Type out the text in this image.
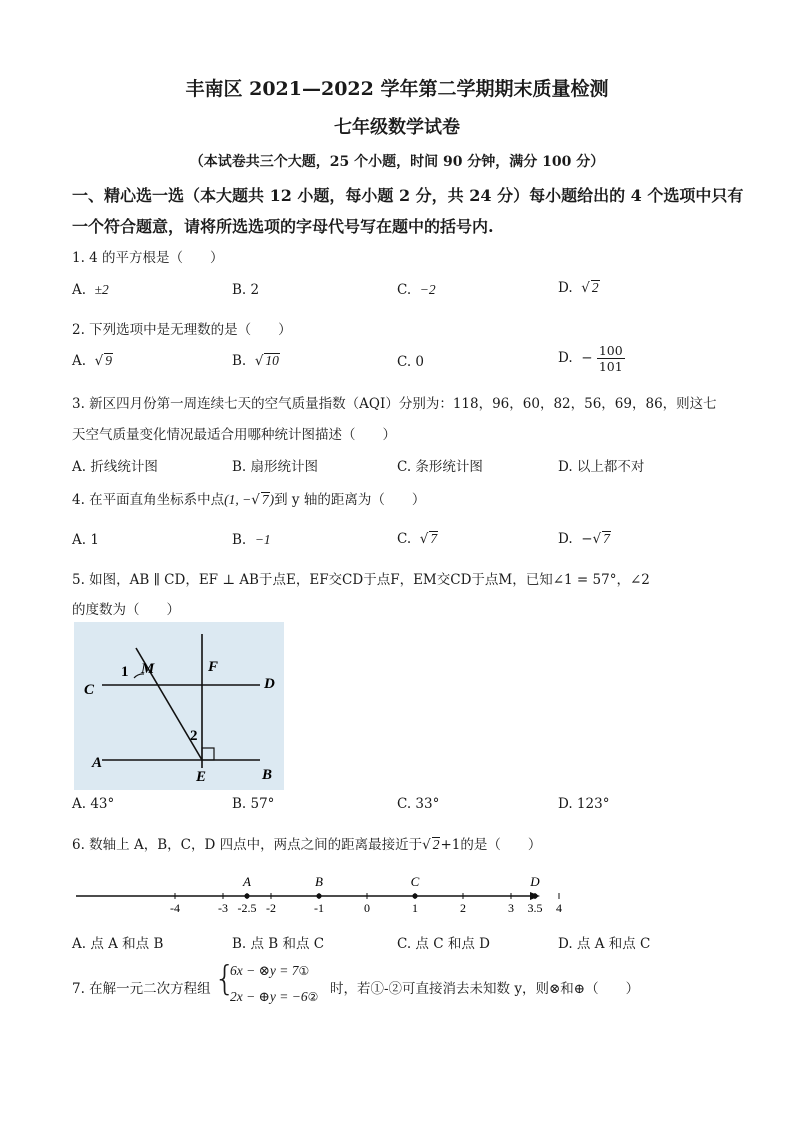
丰南区 2021—2022 学年第二学期期末质量检测
七年级数学试卷
（本试卷共三个大题，25 个小题，时间 90 分钟，满分 100 分）
一、精心选一选（本大题共 12 小题，每小题 2 分，共 24 分）每小题给出的 4 个选项中只有
一个符合题意，请将所选选项的字母代号写在题中的括号内.
1. 4 的平方根是（　　）
A. ±2	B. 2	C. −2	D. √ 2
2. 下列选项中是无理数的是（　　）
A. √ 9	B. √ 10	C. 0	D. − $\frac{100}{101}$
3. 新区四月份第一周连续七天的空气质量指数（AQI）分别为：118，96，60，82，56，69，86，则这七
天空气质量变化情况最适合用哪种统计图描述（　　）
A. 折线统计图	B. 扇形统计图	C. 条形统计图	D. 以上都不对
4. 在平面直角坐标系中点(1, −√ 7)到 y 轴的距离为（　　）
A. 1	B. −1	C. √ 7	D. −√ 7
5. 如图，AB ∥ CD，EF ⊥ AB于点E，EF交CD于点F，EM交CD于点M，已知∠1 = 57°，∠2
的度数为（　　）
M	F
1
C	D
2
A
E	B
A. 43°	B. 57°	C. 33°	D. 123°
6. 数轴上 A，B，C，D 四点中，两点之间的距离最接近于√ 2+1的是（　　）
-4	-3 -2.5 -2	-1	0	1	2	3 3.5 4
A	B	C	D
A. 点 A 和点 B	B. 点 B 和点 C	C. 点 C 和点 D	D. 点 A 和点 C
7. 在解一元二次方程组 {
6x − ⊗y = 7①
2x − ⊕y = −6② 时，若①-②可直接消去未知数 y，则⊗和⊕（　　）
